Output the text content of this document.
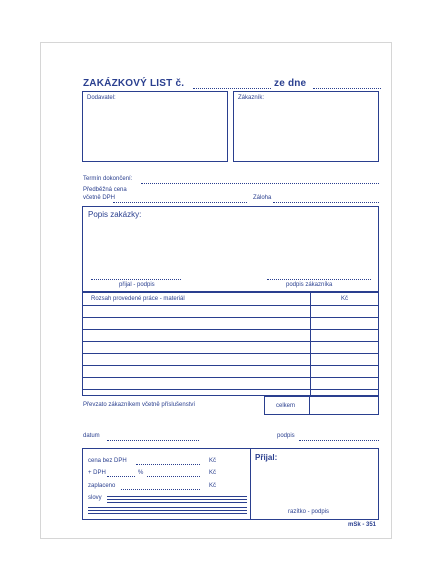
ZAKÁZKOVÝ LIST č.	ze dne
Dodavatel:	Zákazník:
Termín dokončení:
Předběžná cena
včetně DPH	Záloha
Popis zakázky:
přijal - podpis	podpis zákazníka
Rozsah provedené práce - materiál	Kč
Převzato zákazníkem včetně příslušenství	celkem
datum	podpis
cena bez DPH	Kč
+ DPH	%	Kč
zaplaceno	Kč
slovy
Přijal:
razítko - podpis
mSk - 351
